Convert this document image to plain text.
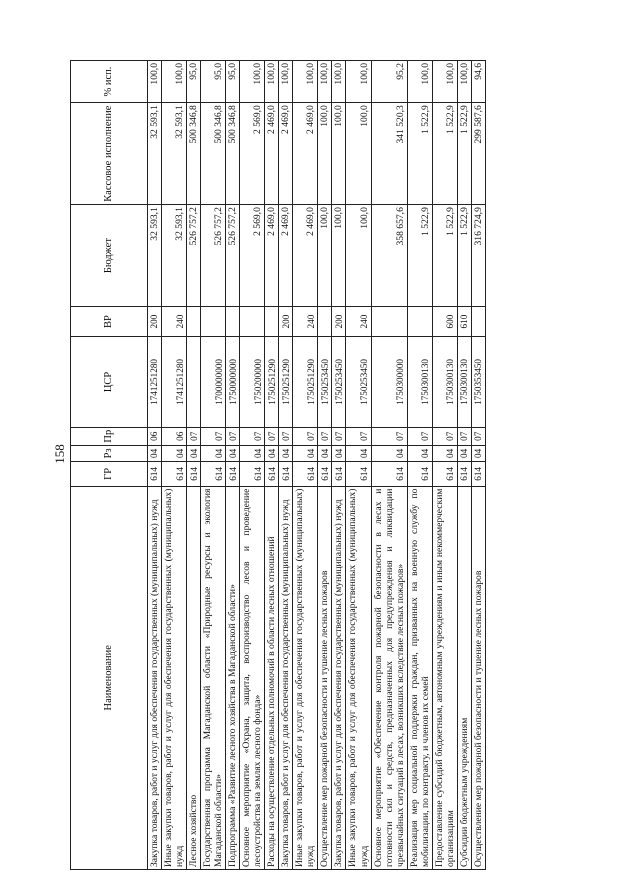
158
Наименование	ГР	Рз	Пр	ЦСР	ВР	Бюджет	Кассовое исполнение	% исп.
Закупка товаров, работ и услуг для обеспечения государственных (муниципальных) нужд	614	04	06	1741251280	200	32 593,1	32 593,1	100,0
Иные закупки товаров, работ и услуг для обеспечения государственных (муниципальных) нужд	614	04	06	1741251280	240	32 593,1	32 593,1	100,0
Лесное хозяйство	614	04	07			526 757,2	500 346,8	95,0
Государственная программа Магаданской области «Природные ресурсы и экология Магаданской области»	614	04	07	1700000000		526 757,2	500 346,8	95,0
Подпрограмма «Развитие лесного хозяйства в Магаданской области»	614	04	07	1750000000		526 757,2	500 346,8	95,0
Основное мероприятие «Охрана, защита, воспроизводство лесов и проведение лесоустройства на землях лесного фонда»	614	04	07	1750200000		2 569,0	2 569,0	100,0
Расходы на осуществление отдельных полномочий в области лесных отношений	614	04	07	1750251290		2 469,0	2 469,0	100,0
Закупка товаров, работ и услуг для обеспечения государственных (муниципальных) нужд	614	04	07	1750251290	200	2 469,0	2 469,0	100,0
Иные закупки товаров, работ и услуг для обеспечения государственных (муниципальных) нужд	614	04	07	1750251290	240	2 469,0	2 469,0	100,0
Осуществление мер пожарной безопасности и тушение лесных пожаров	614	04	07	1750253450		100,0	100,0	100,0
Закупка товаров, работ и услуг для обеспечения государственных (муниципальных) нужд	614	04	07	1750253450	200	100,0	100,0	100,0
Иные закупки товаров, работ и услуг для обеспечения государственных (муниципальных) нужд	614	04	07	1750253450	240	100,0	100,0	100,0
Основное мероприятие «Обеспечение контроля пожарной безопасности в лесах и готовности сил и средств, предназначенных для предупреждения и ликвидации чрезвычайных ситуаций в лесах, возникших вследствие лесных пожаров»	614	04	07	1750300000		358 657,6	341 520,3	95,2
Реализация мер социальной поддержки граждан, призванных на военную службу по мобилизации, по контракту, и членов их семей	614	04	07	1750300130		1 522,9	1 522,9	100,0
Предоставление субсидий бюджетным, автономным учреждениям и иным некоммерческим организациям	614	04	07	1750300130	600	1 522,9	1 522,9	100,0
Субсидии бюджетным учреждениям	614	04	07	1750300130	610	1 522,9	1 522,9	100,0
Осуществление мер пожарной безопасности и тушение лесных пожаров	614	04	07	1750353450		316 724,9	299 587,6	94,6
